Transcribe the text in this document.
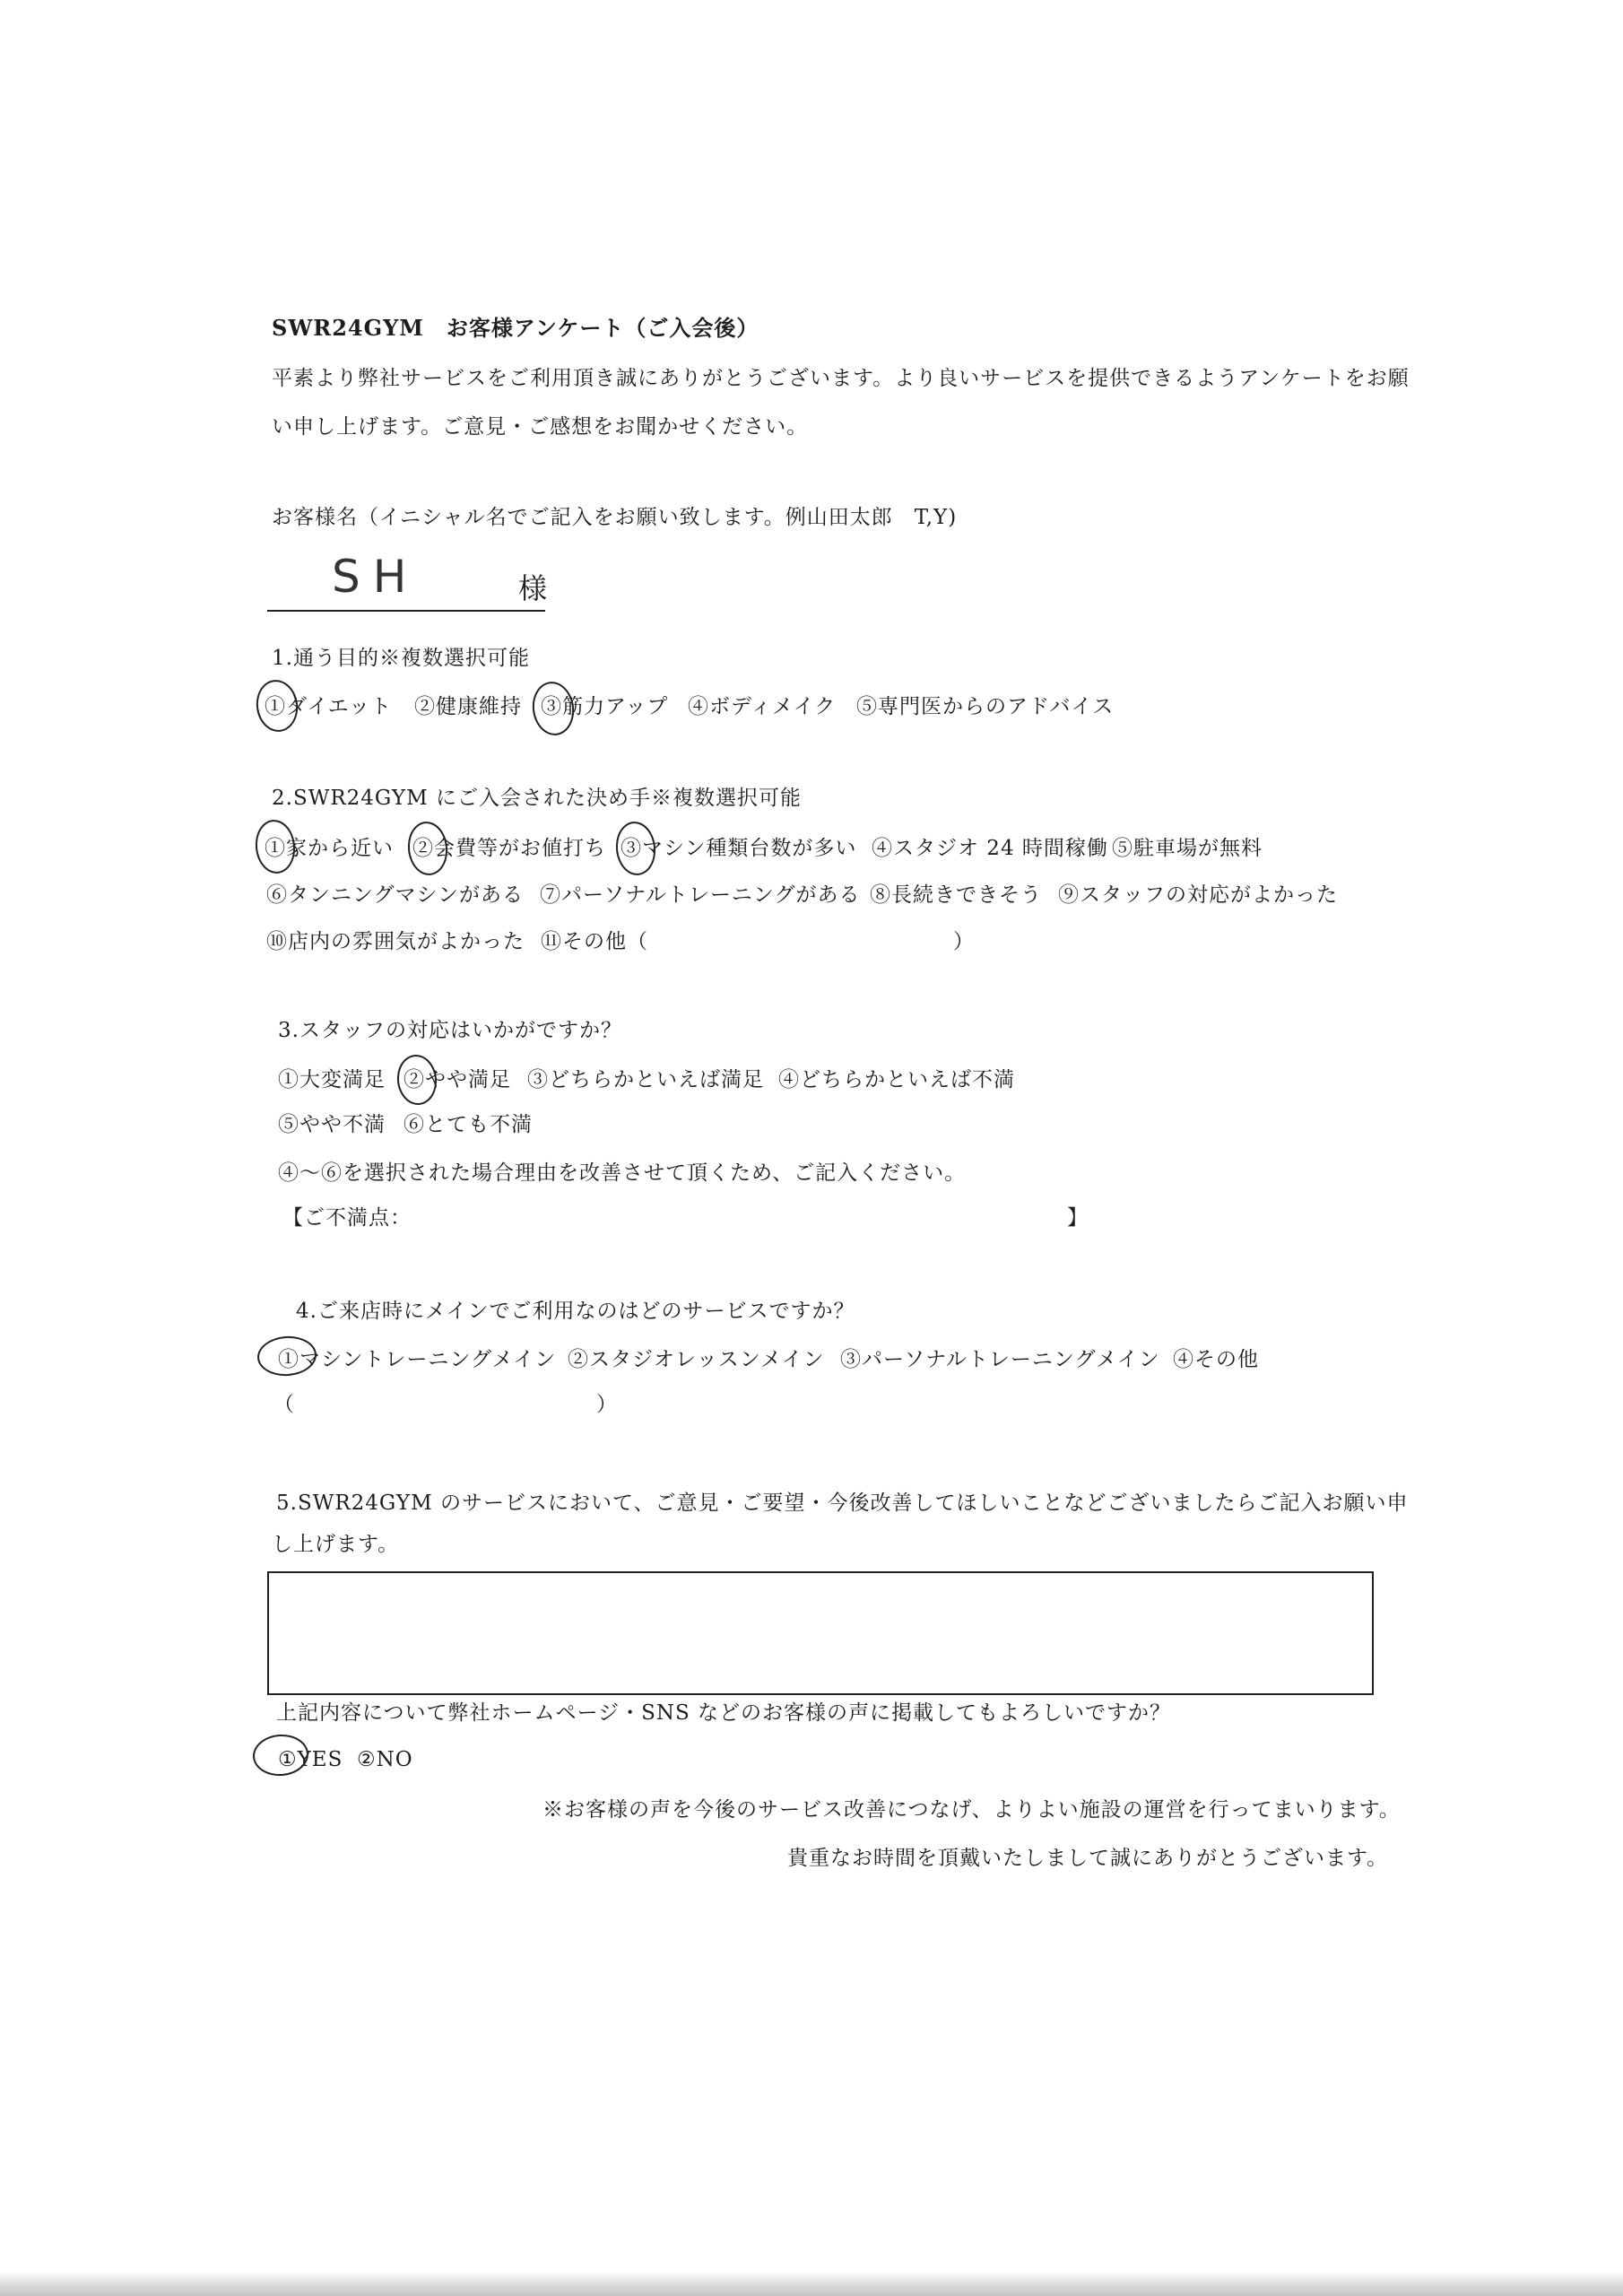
SWR24GYM　お客様アンケート（ご入会後）
平素より弊社サービスをご利用頂き誠にありがとうございます。より良いサービスを提供できるようアンケートをお願
い申し上げます。ご意見・ご感想をお聞かせください。
お客様名（イニシャル名でご記入をお願い致します。例山田太郎　T,Y)
SH	様
1.通う目的※複数選択可能
①ダイエット ②健康維持 ③筋力アップ ④ボディメイク ⑤専門医からのアドバイス
2.SWR24GYM にご入会された決め手※複数選択可能
①家から近い ②会費等がお値打ち ③マシン種類台数が多い ④スタジオ 24 時間稼働 ⑤駐車場が無料
⑥タンニングマシンがある ⑦パーソナルトレーニングがある ⑧長続きできそう ⑨スタッフの対応がよかった
⑩店内の雰囲気がよかった ⑪その他（	）
3.スタッフの対応はいかがですか？
①大変満足 ②やや満足 ③どちらかといえば満足 ④どちらかといえば不満
⑤やや不満 ⑥とても不満
④〜⑥を選択された場合理由を改善させて頂くため、ご記入ください。
【ご不満点：	】
4.ご来店時にメインでご利用なのはどのサービスですか？
①マシントレーニングメイン ②スタジオレッスンメイン ③パーソナルトレーニングメイン ④その他
（	）
5.SWR24GYM のサービスにおいて、ご意見・ご要望・今後改善してほしいことなどございましたらご記入お願い申
し上げます。
上記内容について弊社ホームページ・SNS などのお客様の声に掲載してもよろしいですか？
①YES ②NO
※お客様の声を今後のサービス改善につなげ、よりよい施設の運営を行ってまいります。
貴重なお時間を頂戴いたしまして誠にありがとうございます。
